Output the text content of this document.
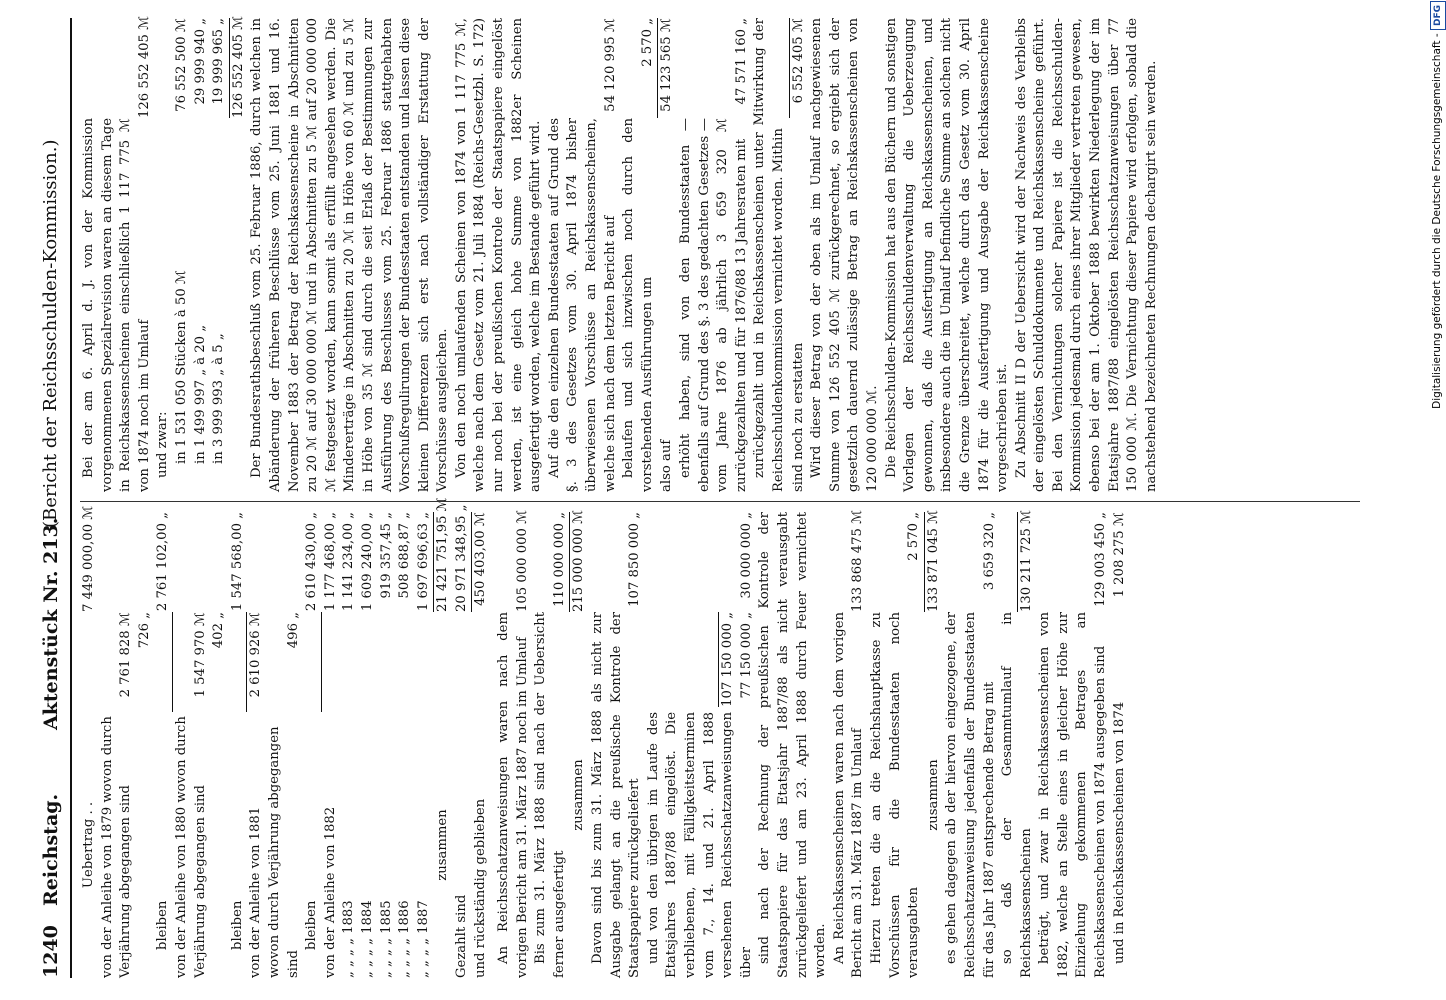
1240
Reichstag.
Aktenstück Nr. 213.
(Bericht der Reichsschulden-Kommission.)
Uebertrag . .
7 449 000,00 ℳ
von der Anleihe von 1879 wovon durch Verjährung abgegangen sind
2 761 828 ℳ 726 „
bleiben
2 761 102,00 „
von der Anleihe von 1880 wovon durch Verjährung abgegangen sind
1 547 970 ℳ 402 „
bleiben
1 547 568,00 „
von der Anleihe von 1881
2 610 926 ℳ
wovon durch Verjährung abgegangen sind
496 „
bleiben
2 610 430,00 „
von der Anleihe von 1882
1 177 468,00 „
„ „ „ „ 1883
1 141 234,00 „
„ „ „ „ 1884
1 609 240,00 „
„ „ „ „ 1885
919 357,45 „
„ „ „ „ 1886
508 688,87 „
„ „ „ „ 1887
1 697 696,63 „
zusammen
21 421 751,95 ℳ
Gezahlt sind
20 971 348,95 „
und rückständig geblieben
450 403,00 ℳ
An Reichsschatzanweisungen waren nach dem vorigen Bericht am 31. März 1887 noch im Umlauf
105 000 000 ℳ
Bis zum 31. März 1888 sind nach der Uebersicht ferner ausgefertigt
110 000 000 „
zusammen
215 000 000 ℳ
Davon sind bis zum 31. März 1888 als nicht zur Ausgabe gelangt an die preußische Kontrole der Staatspapiere zurückgeliefert
107 850 000 „
und von den übrigen im Laufe des Etatsjahres 1887/88 eingelöst. Die verbliebenen, mit Fälligkeitsterminen vom 7., 14. und 21. April 1888 versehenen Reichsschatzanweisungen über
107 150 000 „ 77 150 000 „
30 000 000 „ sind nach der Rechnung der preußischen Kontrole der Staatspapiere für das Etatsjahr 1887/88 als nicht verausgabt zurückgeliefert und am 23. April 1888 durch Feuer vernichtet worden. An Reichskassenscheinen waren nach dem vorigen Bericht am 31. März 1887 im Umlauf
133 868 475 ℳ
Hierzu treten die an die Reichshauptkasse zu Vorschüssen für die Bundesstaaten noch verausgabten
2 570 „
zusammen
133 871 045 ℳ
es gehen dagegen ab der hiervon eingezogene, der Reichsschatzanweisung jedenfalls der Bundesstaaten für das Jahr 1887 entsprechende Betrag mit
3 659 320 „
so daß der Gesammtumlauf in Reichskassenscheinen
130 211 725 ℳ
beträgt, und zwar in Reichskassenscheinen von 1882, welche an Stelle eines in gleicher Höhe zur Einziehung gekommenen Betrages an Reichskassenscheinen von 1874 ausgegeben sind
129 003 450 „
und in Reichskassenscheinen von 1874
1 208 275 ℳ
Bei der am 6. April d. J. von der Kommission vorgenommenen Spezialrevision waren an diesem Tage in Reichskassenscheinen einschließlich 1 117 775 ℳ von 1874 noch im Umlauf
126 552 405 ℳ
und zwar: in 1 531 050 Stücken à 50 ℳ
76 552 500 ℳ
in 1 499 997 „ à 20 „
29 999 940 „
in 3 999 993 „ à 5 „
19 999 965 „ 126 552 405 ℳ Der Bundesrathsbeschluß vom 25. Februar 1886, durch welchen in Abänderung der früheren Beschlüsse vom 25. Juni 1881 und 16. November 1883 der Betrag der Reichskassenscheine in Abschnitten zu 20 ℳ auf 30 000 000 ℳ und in Abschnitten zu 5 ℳ auf 20 000 000 ℳ festgesetzt worden, kann somit als erfüllt angesehen werden. Die Mindererträge in Abschnitten zu 20 ℳ in Höhe von 60 ℳ und zu 5 ℳ in Höhe von 35 ℳ sind durch die seit Erlaß der Bestimmungen zur Ausführung des Beschlusses vom 25. Februar 1886 stattgehabten Vorschußregulirungen der Bundesstaaten entstanden und lassen diese kleinen Differenzen sich erst nach vollständiger Erstattung der Vorschüsse ausgleichen. Von den noch umlaufenden Scheinen von 1874 von 1 117 775 ℳ, welche nach dem Gesetz vom 21. Juli 1884 (Reichs-Gesetzbl. S. 172) nur noch bei der preußischen Kontrole der Staatspapiere eingelöst werden, ist eine gleich hohe Summe von 1882er Scheinen ausgefertigt worden, welche im Bestande geführt wird. Auf die den einzelnen Bundesstaaten auf Grund des §. 3 des Gesetzes vom 30. April 1874 bisher überwiesenen Vorschüsse an Reichskassenscheinen, welche sich nach dem letzten Bericht auf
54 120 995 ℳ
belaufen und sich inzwischen noch durch den vorstehenden Ausführungen um
2 570 „
also auf
54 123 565 ℳ
erhöht haben, sind von den Bundesstaaten — ebenfalls auf Grund des §. 3 des gedachten Gesetzes — vom Jahre 1876 ab jährlich 3 659 320 ℳ zurückgezahlten und für 1876/88 13 Jahresraten mit
47 571 160 „ zurückgezahlt und in Reichskassenscheinen unter Mitwirkung der Reichsschuldenkommission vernichtet worden. Mithin sind noch zu erstatten
6 552 405 ℳ Wird dieser Betrag von der oben als im Umlauf nachgewiesenen Summe von 126 552 405 ℳ zurückgerechnet, so ergiebt sich der gesetzlich dauernd zulässige Betrag an Reichskassenscheinen von 120 000 000 ℳ. Die Reichsschulden-Kommission hat aus den Büchern und sonstigen Vorlagen der Reichsschuldenverwaltung die Ueberzeugung gewonnen, daß die Ausfertigung an Reichskassenscheinen, und insbesondere auch die im Umlauf befindliche Summe an solchen nicht die Grenze überschreitet, welche durch das Gesetz vom 30. April 1874 für die Ausfertigung und Ausgabe der Reichskassenscheine vorgeschrieben ist. Zu Abschnitt II D der Uebersicht wird der Nachweis des Verbleibs der eingelösten Schulddokumente und Reichskassenscheine geführt. Bei den Vernichtungen solcher Papiere ist die Reichsschulden-Kommission jedesmal durch eines ihrer Mitglieder vertreten gewesen, ebenso bei der am 1. Oktober 1888 bewirkten Niederlegung der im Etatsjahre 1887/88 eingelösten Reichsschatzanweisungen über 77 150 000 ℳ. Die Vernichtung dieser Papiere wird erfolgen, sobald die nachstehend bezeichneten Rechnungen dechargirt sein werden.	Digitalisierung gefördert durch die Deutsche Forschungsgemeinschaft - DFG
